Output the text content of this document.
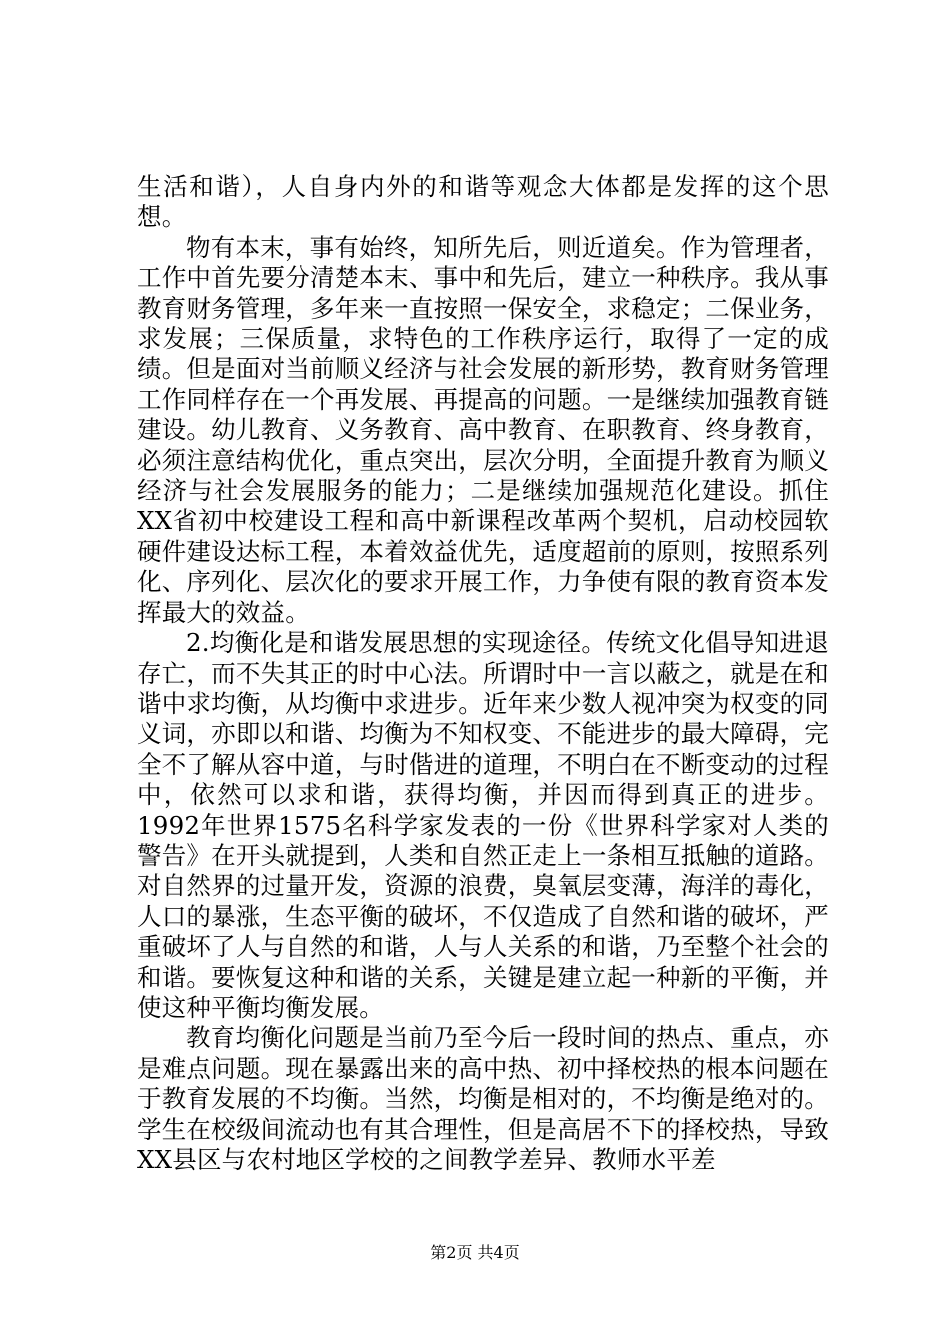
生活和谐），人自身内外的和谐等观念大体都是发挥的这个思想。

物有本末，事有始终，知所先后，则近道矣。作为管理者，工作中首先要分清楚本末、事中和先后，建立一种秩序。我从事教育财务管理，多年来一直按照一保安全，求稳定；二保业务，求发展；三保质量，求特色的工作秩序运行，取得了一定的成绩。但是面对当前顺义经济与社会发展的新形势，教育财务管理工作同样存在一个再发展、再提高的问题。一是继续加强教育链建设。幼儿教育、义务教育、高中教育、在职教育、终身教育，必须注意结构优化，重点突出，层次分明，全面提升教育为顺义经济与社会发展服务的能力；二是继续加强规范化建设。抓住XX省初中校建设工程和高中新课程改革两个契机，启动校园软硬件建设达标工程，本着效益优先，适度超前的原则，按照系列化、序列化、层次化的要求开展工作，力争使有限的教育资本发挥最大的效益。

2.均衡化是和谐发展思想的实现途径。传统文化倡导知进退存亡，而不失其正的时中心法。所谓时中一言以蔽之，就是在和谐中求均衡，从均衡中求进步。近年来少数人视冲突为权变的同义词，亦即以和谐、均衡为不知权变、不能进步的最大障碍，完全不了解从容中道，与时偕进的道理，不明白在不断变动的过程中，依然可以求和谐，获得均衡，并因而得到真正的进步。1992年世界1575名科学家发表的一份《世界科学家对人类的警告》在开头就提到，人类和自然正走上一条相互抵触的道路。对自然界的过量开发，资源的浪费，臭氧层变薄，海洋的毒化，人口的暴涨，生态平衡的破坏，不仅造成了自然和谐的破坏，严重破坏了人与自然的和谐，人与人关系的和谐，乃至整个社会的和谐。要恢复这种和谐的关系，关键是建立起一种新的平衡，并使这种平衡均衡发展。

教育均衡化问题是当前乃至今后一段时间的热点、重点，亦是难点问题。现在暴露出来的高中热、初中择校热的根本问题在于教育发展的不均衡。当然，均衡是相对的，不均衡是绝对的。学生在校级间流动也有其合理性，但是高居不下的择校热，导致XX县区与农村地区学校的之间教学差异、教师水平差

第2页 共4页
